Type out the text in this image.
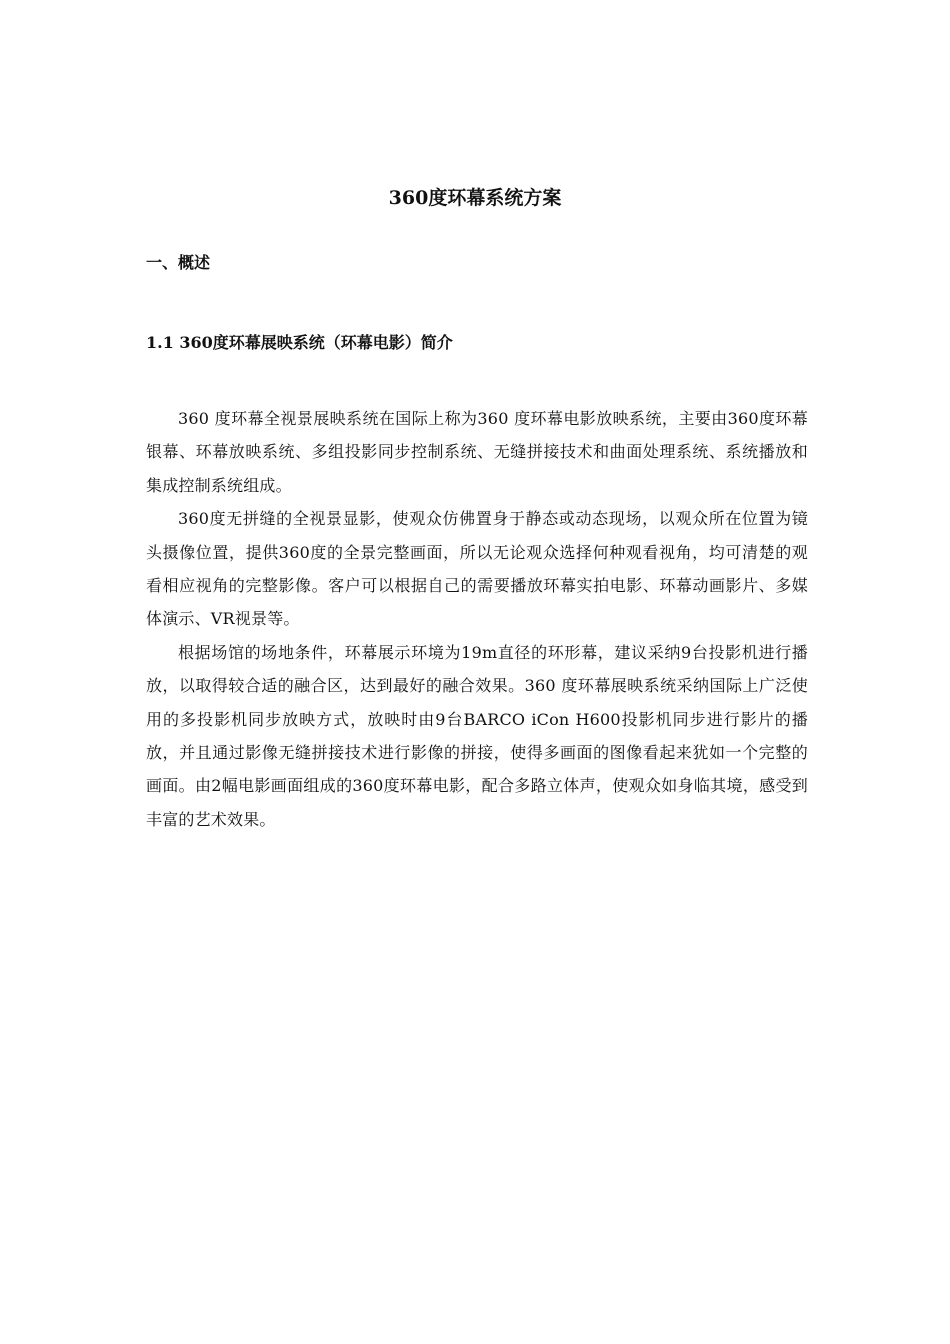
360度环幕系统方案
一、概述
1.1 360度环幕展映系统（环幕电影）简介

360 度环幕全视景展映系统在国际上称为360 度环幕电影放映系统，主要由360度环幕银幕、环幕放映系统、多组投影同步控制系统、无缝拼接技术和曲面处理系统、系统播放和集成控制系统组成。

360度无拼缝的全视景显影，使观众仿佛置身于静态或动态现场，以观众所在位置为镜头摄像位置，提供360度的全景完整画面，所以无论观众选择何种观看视角，均可清楚的观看相应视角的完整影像。客户可以根据自己的需要播放环幕实拍电影、环幕动画影片、多媒体演示、VR视景等。

根据场馆的场地条件，环幕展示环境为19m直径的环形幕，建议采纳9台投影机进行播放，以取得较合适的融合区，达到最好的融合效果。360 度环幕展映系统采纳国际上广泛使用的多投影机同步放映方式，放映时由9台BARCO iCon H600投影机同步进行影片的播放，并且通过影像无缝拼接技术进行影像的拼接，使得多画面的图像看起来犹如一个完整的画面。由2幅电影画面组成的360度环幕电影，配合多路立体声，使观众如身临其境，感受到丰富的艺术效果。
